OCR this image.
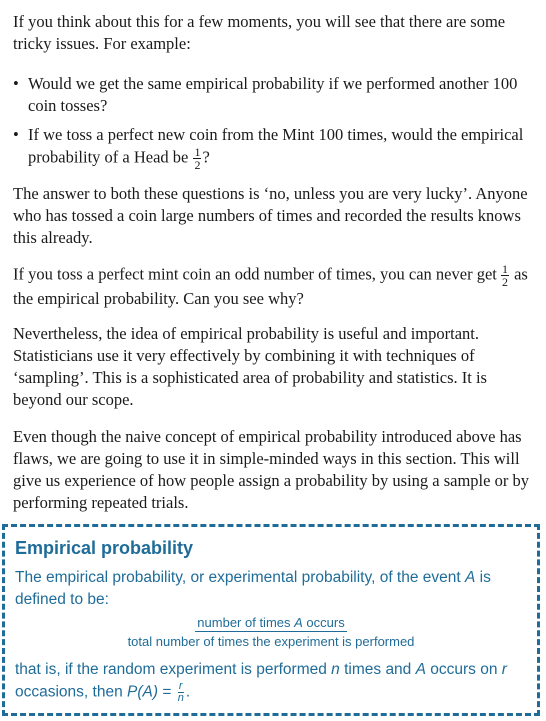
If you think about this for a few moments, you will see that there are some tricky issues. For example:

• Would we get the same empirical probability if we performed another 100 coin tosses?

• If we toss a perfect new coin from the Mint 100 times, would the empirical probability of a Head be $\frac{1}{2}$ ?

The answer to both these questions is ‘no, unless you are very lucky’. Anyone who has tossed a coin large numbers of times and recorded the results knows this already.

If you toss a perfect mint coin an odd number of times, you can never get $\frac{1}{2}$ as the empirical probability. Can you see why?

Nevertheless, the idea of empirical probability is useful and important. Statisticians use it very effectively by combining it with techniques of ‘sampling’. This is a sophisticated area of probability and statistics. It is beyond our scope.

Even though the naive concept of empirical probability introduced above has flaws, we are going to use it in simple-minded ways in this section. This will give us experience of how people assign a probability by using a sample or by performing repeated trials.

Empirical probability
The empirical probability, or experimental probability, of the event A is defined to be:
number of times A occurs
total number of times the experiment is performed
that is, if the random experiment is performed n times and A occurs on r
occasions, then $P(A) = \frac{r}{n}$ .
